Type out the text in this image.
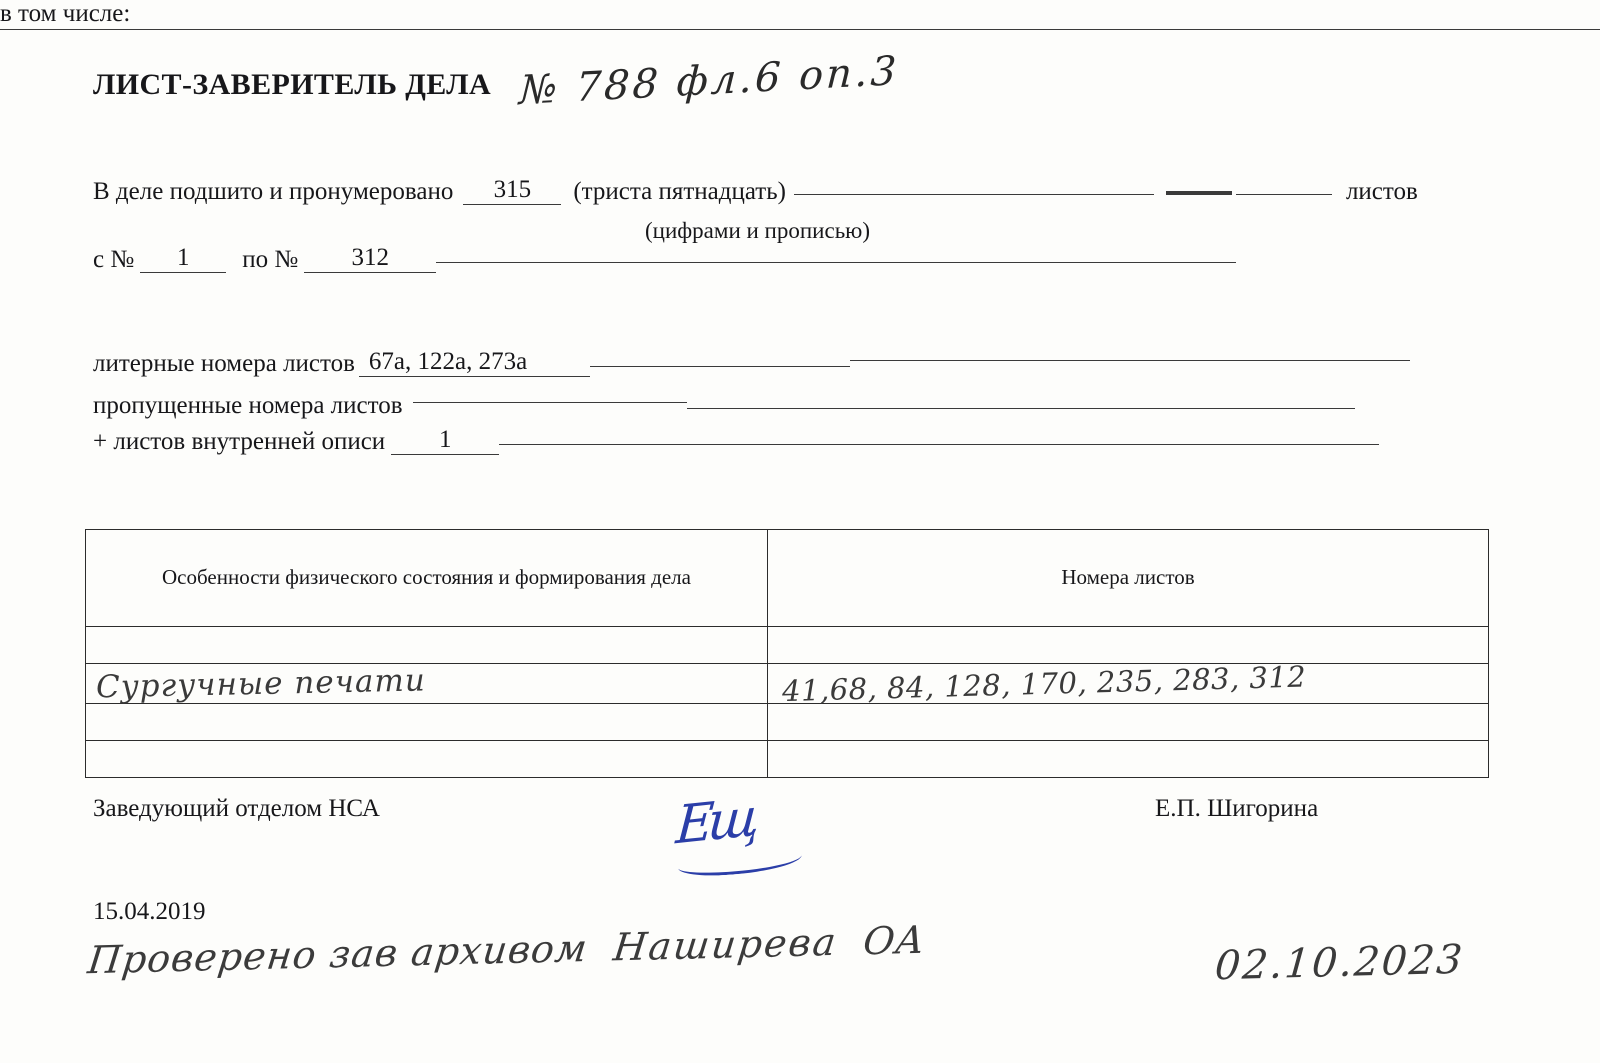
ЛИСТ-ЗАВЕРИТЕЛЬ ДЕЛА № 788 фл.6 оп.3
В деле подшито и пронумеровано	315	(триста пятнадцать)	листов
(цифрами и прописью)
с №	1	по №	312
в том числе:
литерные номера листов 67а, 122а, 273а
пропущенные номера листов
+ листов внутренней описи	1
Особенности физического состояния и формирования дела	Номера листов

Сургучные печати	41,68, 84, 128, 170, 235, 283, 312

Заведующий отделом НСА	Ещ	Е.П. Шигорина
15.04.2019
Проверено зав архивом Наширева ОА	02.10.2023
